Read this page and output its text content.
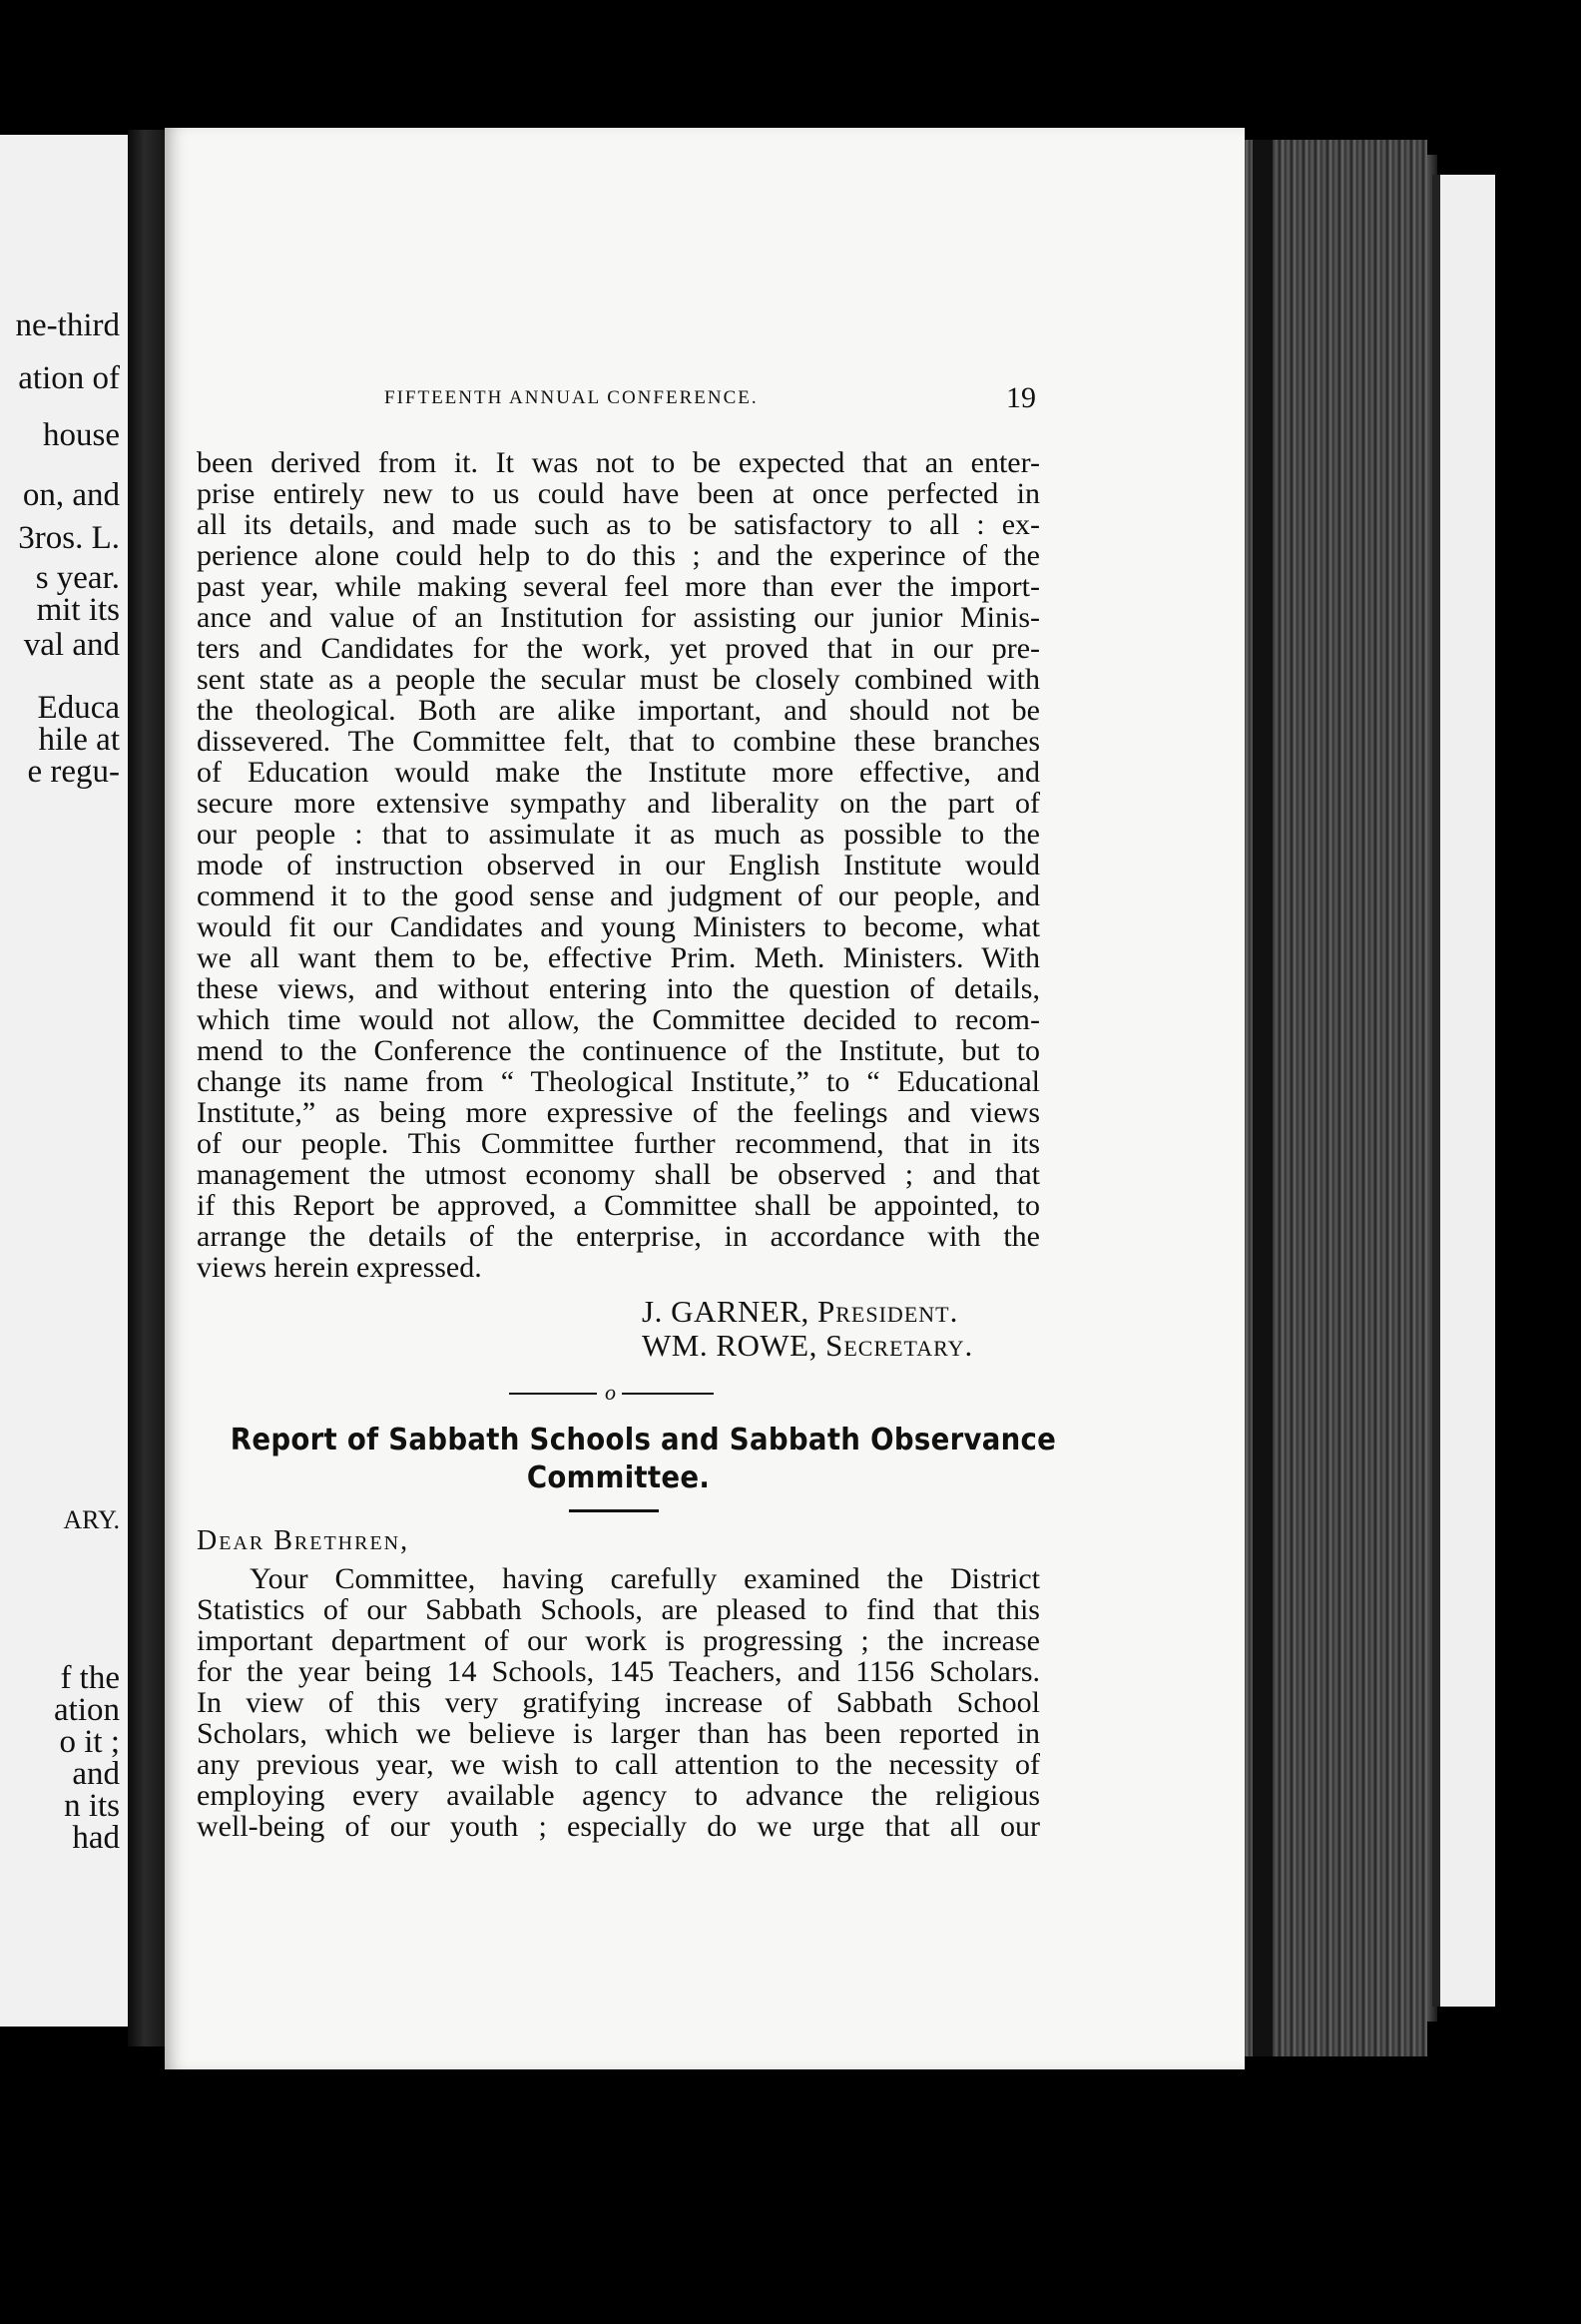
ne-third
ation of
house
on, and
3ros. L.
s year.
mit its
val and
Educa
hile at
e regu-
ARY.
f the
ation
o it ;
and
n its
had
FIFTEENTH ANNUAL CONFERENCE.	19
been derived from it. It was not to be expected that an enter-
prise entirely new to us could have been at once perfected in
all its details, and made such as to be satisfactory to all : ex-
perience alone could help to do this ; and the experince of the
past year, while making several feel more than ever the import-
ance and value of an Institution for assisting our junior Minis-
ters and Candidates for the work, yet proved that in our pre-
sent state as a people the secular must be closely combined with
the theological. Both are alike important, and should not be
dissevered. The Committee felt, that to combine these branches
of Education would make the Institute more effective, and
secure more extensive sympathy and liberality on the part of
our people : that to assimulate it as much as possible to the
mode of instruction observed in our English Institute would
commend it to the good sense and judgment of our people, and
would fit our Candidates and young Ministers to become, what
we all want them to be, effective Prim. Meth. Ministers. With
these views, and without entering into the question of details,
which time would not allow, the Committee decided to recom-
mend to the Conference the continuence of the Institute, but to
change its name from “ Theological Institute,” to “ Educational
Institute,” as being more expressive of the feelings and views
of our people. This Committee further recommend, that in its
management the utmost economy shall be observed ; and that
if this Report be approved, a Committee shall be appointed, to
arrange the details of the enterprise, in accordance with the
views herein expressed.
J. GARNER, President.
WM. ROWE, Secretary.
o
Report of Sabbath Schools and Sabbath Observance
Committee.
Dear Brethren,
Your Committee, having carefully examined the District
Statistics of our Sabbath Schools, are pleased to find that this
important department of our work is progressing ; the increase
for the year being 14 Schools, 145 Teachers, and 1156 Scholars.
In view of this very gratifying increase of Sabbath School
Scholars, which we believe is larger than has been reported in
any previous year, we wish to call attention to the necessity of
employing every available agency to advance the religious
well-being of our youth ; especially do we urge that all our
